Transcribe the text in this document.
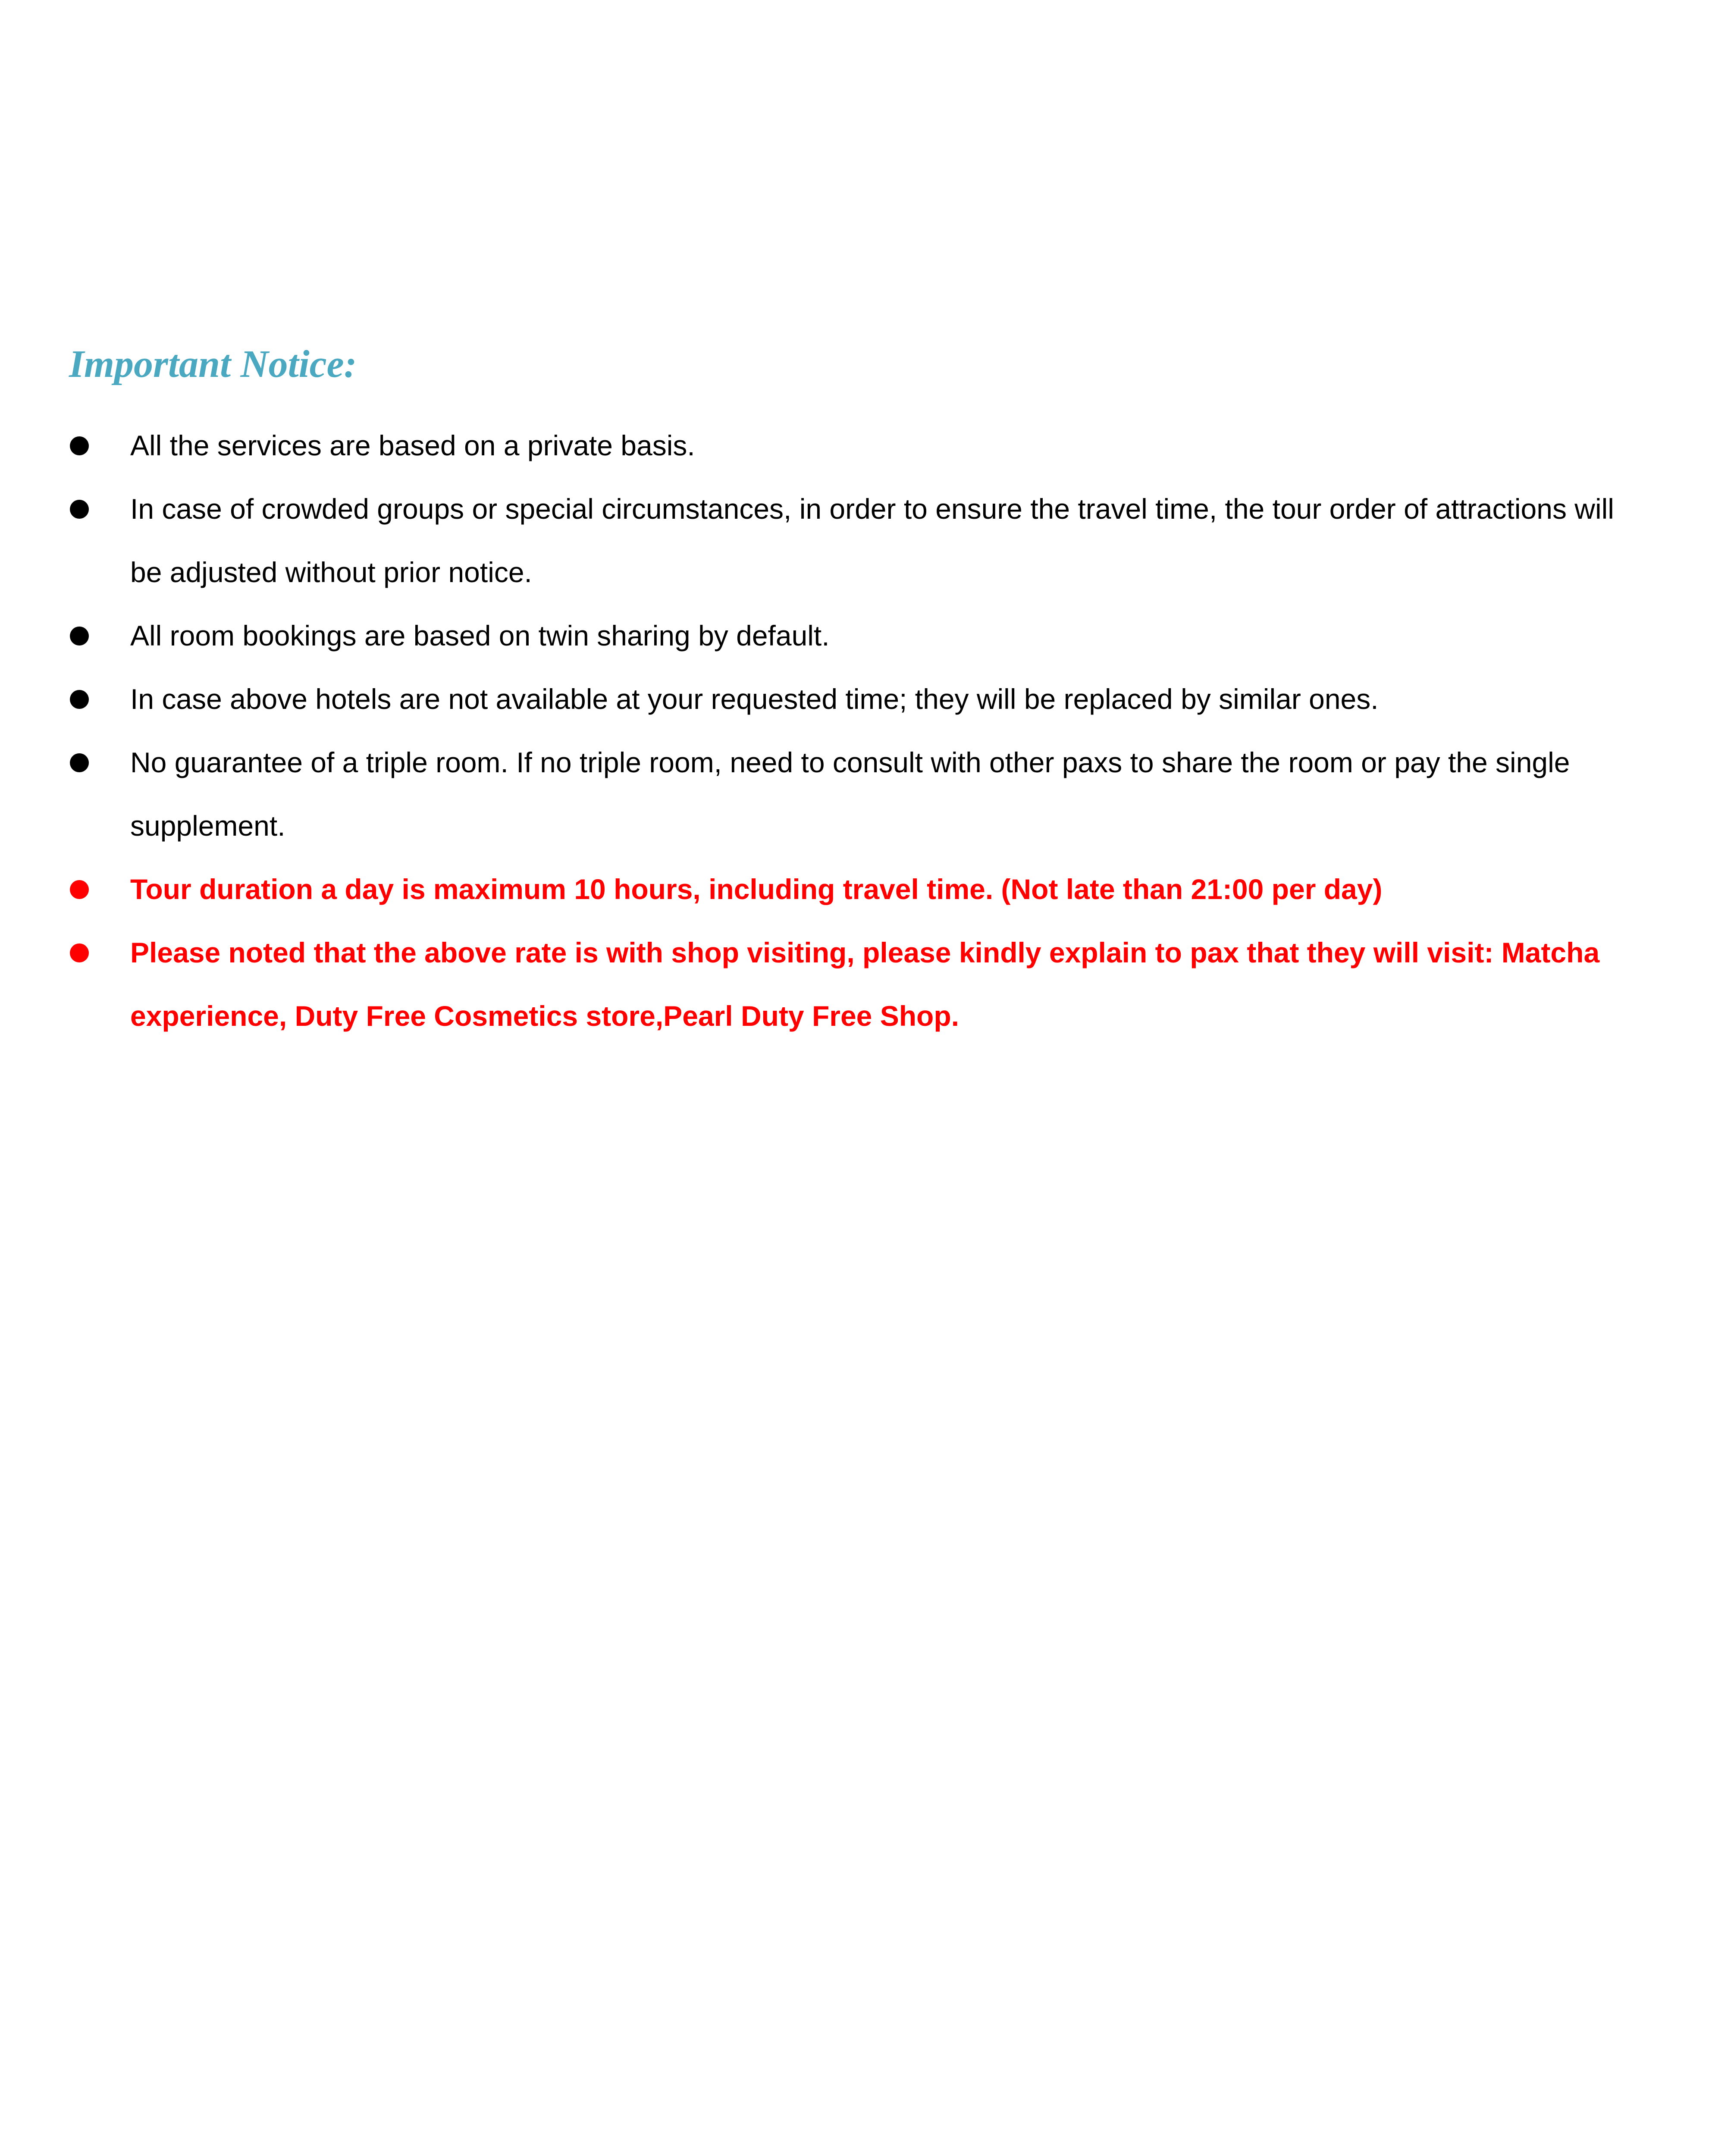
Important Notice:
All the services are based on a private basis.
In case of crowded groups or special circumstances, in order to ensure the travel time, the tour order of attractions will be adjusted without prior notice.
All room bookings are based on twin sharing by default.
In case above hotels are not available at your requested time; they will be replaced by similar ones.
No guarantee of a triple room. If no triple room, need to consult with other paxs to share the room or pay the single supplement.
Tour duration a day is maximum 10 hours, including travel time. (Not late than 21:00 per day)
Please noted that the above rate is with shop visiting, please kindly explain to pax that they will visit: Matcha experience, Duty Free Cosmetics store,Pearl Duty Free Shop.
